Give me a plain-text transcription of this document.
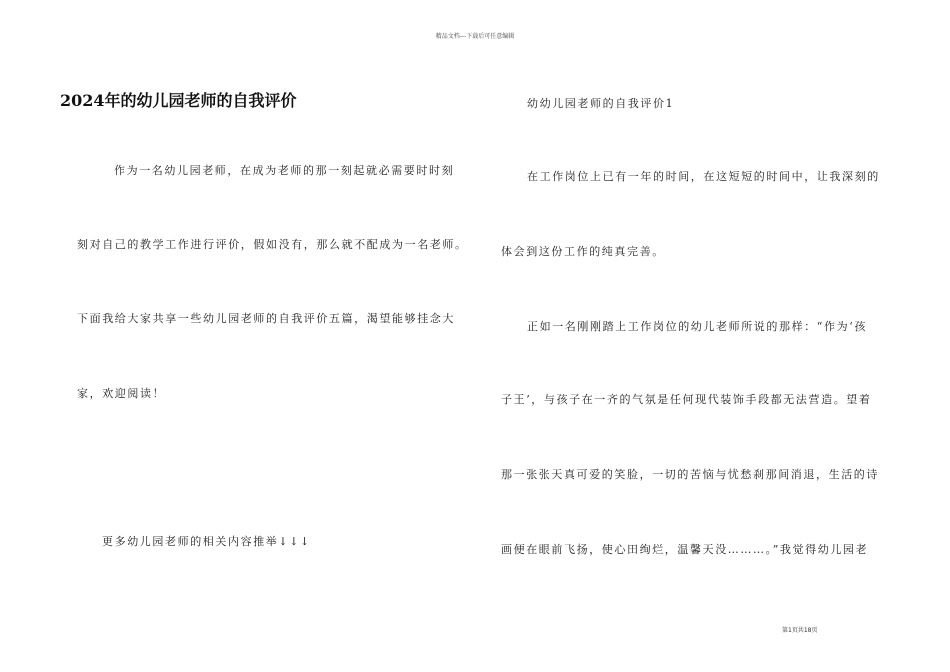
精品文档---下载后可任意编辑
2024年的幼儿园老师的自我评价
作为一名幼儿园老师，在成为老师的那一刻起就必需要时时刻
刻对自己的教学工作进行评价，假如没有，那么就不配成为一名老师。
下面我给大家共享一些幼儿园老师的自我评价五篇，渴望能够挂念大
家，欢迎阅读！
更多幼儿园老师的相关内容推举↓↓↓
幼幼儿园老师的自我评价1
在工作岗位上已有一年的时间，在这短短的时间中，让我深刻的
体会到这份工作的纯真完善。
正如一名刚刚踏上工作岗位的幼儿老师所说的那样：“作为‘孩
子王’，与孩子在一齐的气氛是任何现代装饰手段都无法营造。望着
那一张张天真可爱的笑脸，一切的苦恼与忧愁刹那间消退，生活的诗
画便在眼前飞扬，使心田绚烂，温馨天没………。”我觉得幼儿园老
第1页共18页
